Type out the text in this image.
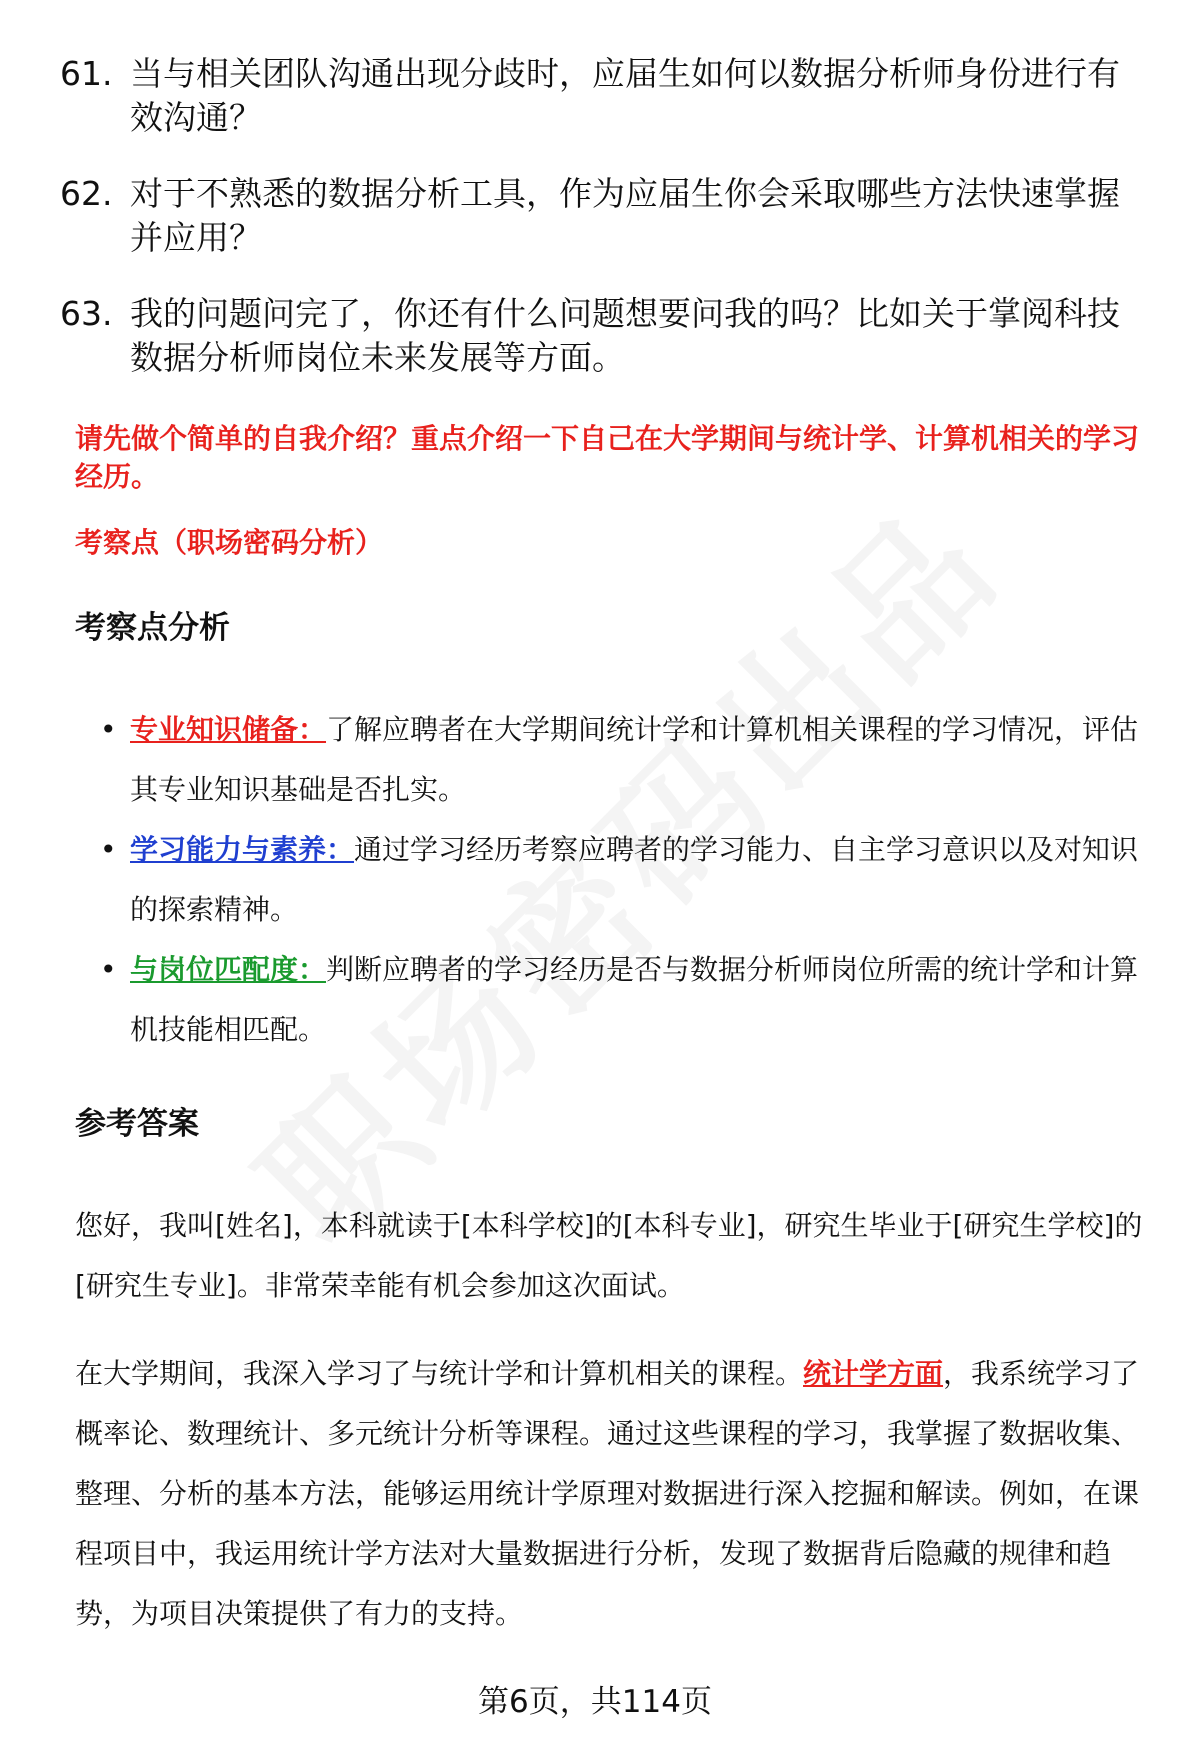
61. 当与相关团队沟通出现分歧时，应届生如何以数据分析师身份进行有效沟通？
62. 对于不熟悉的数据分析工具，作为应届生你会采取哪些方法快速掌握并应用？
63. 我的问题问完了，你还有什么问题想要问我的吗？比如关于掌阅科技数据分析师岗位未来发展等方面。
请先做个简单的自我介绍？重点介绍一下自己在大学期间与统计学、计算机相关的学习经历。
考察点（职场密码分析）
考察点分析
• 专业知识储备：了解应聘者在大学期间统计学和计算机相关课程的学习情况，评估其专业知识基础是否扎实。
• 学习能力与素养：通过学习经历考察应聘者的学习能力、自主学习意识以及对知识的探索精神。
• 与岗位匹配度：判断应聘者的学习经历是否与数据分析师岗位所需的统计学和计算机技能相匹配。
参考答案

您好，我叫[姓名]，本科就读于[本科学校]的[本科专业]，研究生毕业于[研究生学校]的[研究生专业]。非常荣幸能有机会参加这次面试。

在大学期间，我深入学习了与统计学和计算机相关的课程。统计学方面，我系统学习了概率论、数理统计、多元统计分析等课程。通过这些课程的学习，我掌握了数据收集、整理、分析的基本方法，能够运用统计学原理对数据进行深入挖掘和解读。例如，在课程项目中，我运用统计学方法对大量数据进行分析，发现了数据背后隐藏的规律和趋势，为项目决策提供了有力的支持。

第6页，共114页
